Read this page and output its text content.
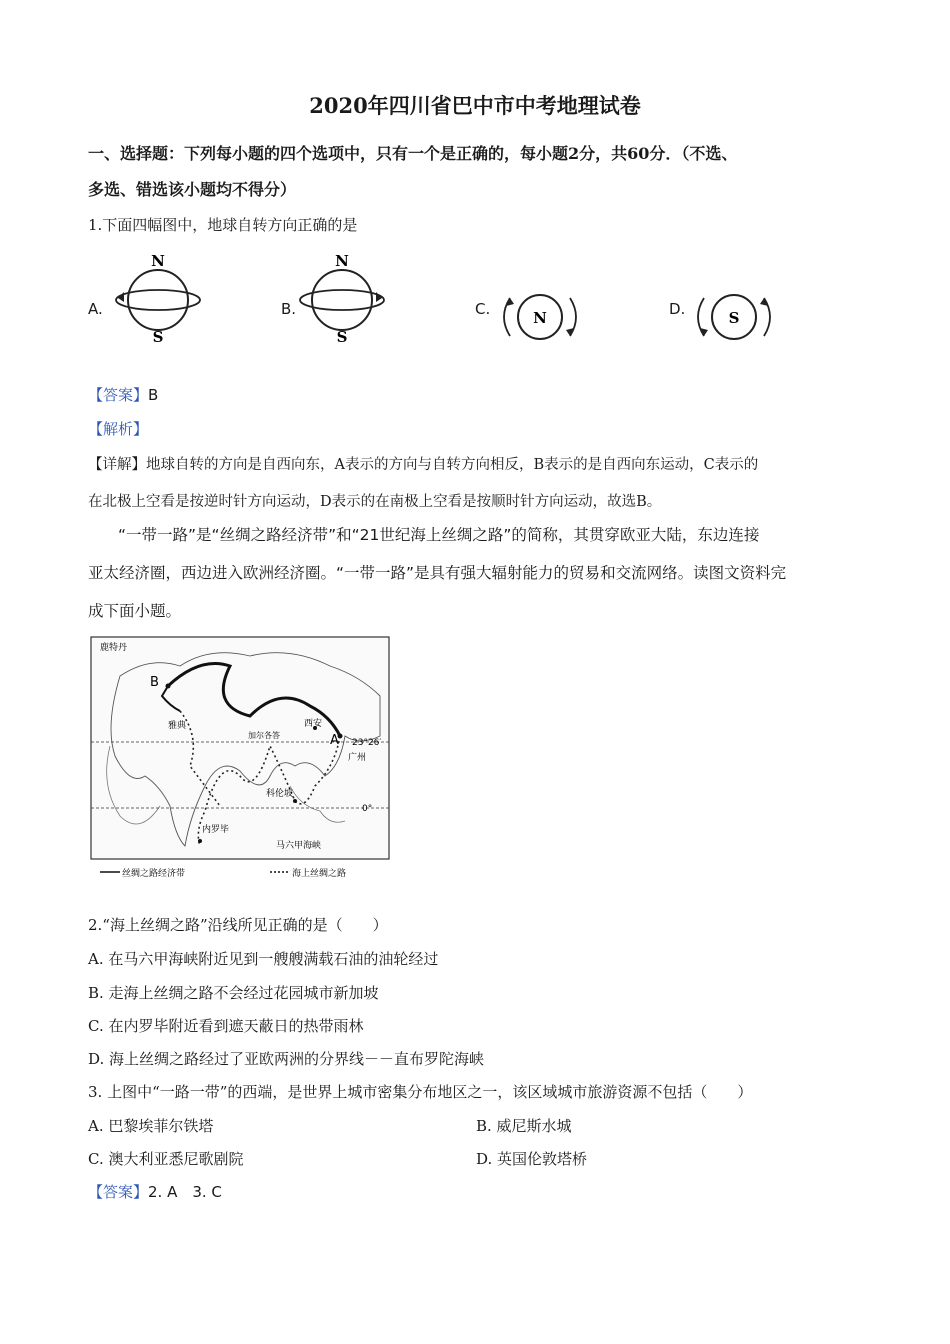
2020年四川省巴中市中考地理试卷
一、选择题：下列每小题的四个选项中，只有一个是正确的，每小题2分，共60分．（不选、
多选、错选该小题均不得分）
1.下面四幅图中，地球自转方向正确的是
A.
N
S
B.
N
S
C.	N	D.	S
【答案】B
【解析】
【详解】地球自转的方向是自西向东，A表示的方向与自转方向相反，B表示的是自西向东运动，C表示的
在北极上空看是按逆时针方向运动，D表示的在南极上空看是按顺时针方向运动，故选B。
“一带一路”是“丝绸之路经济带”和“21世纪海上丝绸之路”的简称，其贯穿欧亚大陆，东边连接
亚太经济圈，西边进入欧洲经济圈。“一带一路”是具有强大辐射能力的贸易和交流网络。读图文资料完
成下面小题。
鹿特丹
B
雅典	西安
A
广州
加尔各答
科伦坡
内罗毕
马六甲海峡
23°26′
0°
丝绸之路经济带	海上丝绸之路
2.“海上丝绸之路”沿线所见正确的是（　　）
A. 在马六甲海峡附近见到一艘艘满载石油的油轮经过
B. 走海上丝绸之路不会经过花园城市新加坡
C. 在内罗毕附近看到遮天蔽日的热带雨林
D. 海上丝绸之路经过了亚欧两洲的分界线－－直布罗陀海峡
3. 上图中“一路一带”的西端，是世界上城市密集分布地区之一，该区域城市旅游资源不包括（　　）
A. 巴黎埃菲尔铁塔	B. 威尼斯水城
C. 澳大利亚悉尼歌剧院	D. 英国伦敦塔桥
【答案】2. A　3. C
